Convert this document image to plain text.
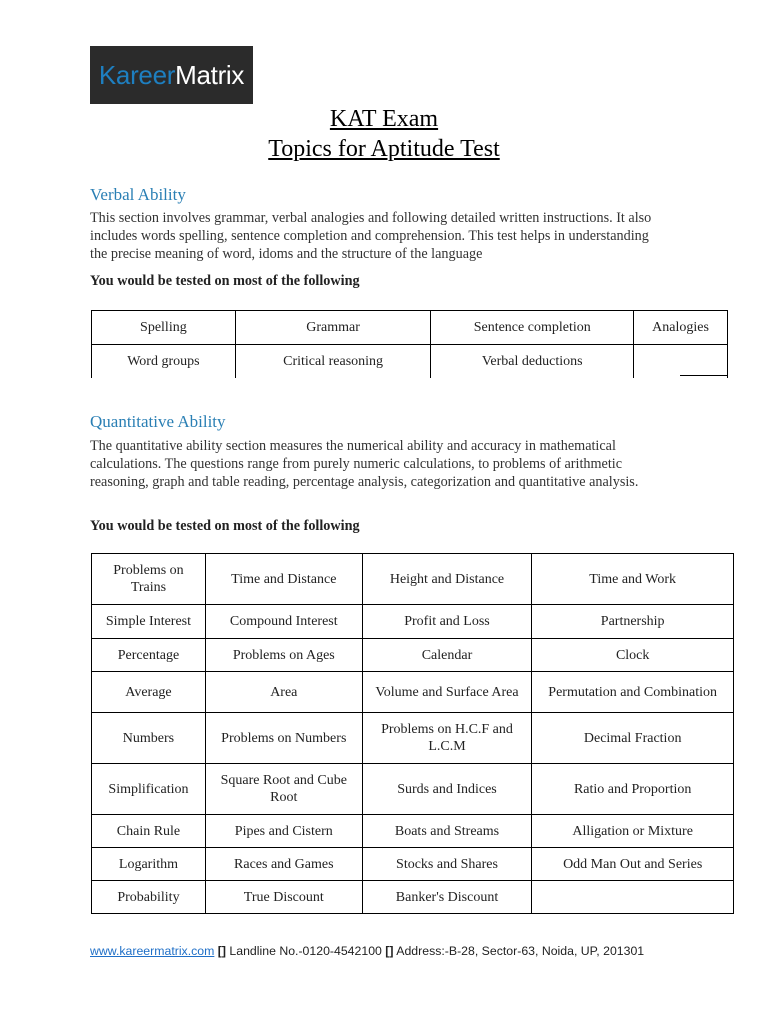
Kareer Matrix
KAT Exam
Topics for Aptitude Test
Verbal Ability
This section involves grammar, verbal analogies and following detailed written instructions. It also
includes words spelling, sentence completion and comprehension. This test helps in understanding
the precise meaning of word, idoms and the structure of the language
You would be tested on most of the following
Spelling	Grammar	Sentence completion	Analogies
Word groups	Critical reasoning	Verbal deductions	
Quantitative Ability
The quantitative ability section measures the numerical ability and accuracy in mathematical
calculations. The questions range from purely numeric calculations, to problems of arithmetic
reasoning, graph and table reading, percentage analysis, categorization and quantitative analysis.
You would be tested on most of the following
Problems on Trains	Time and Distance	Height and Distance	Time and Work
Simple Interest	Compound Interest	Profit and Loss	Partnership
Percentage	Problems on Ages	Calendar	Clock
Average	Area	Volume and Surface Area	Permutation and Combination
Numbers	Problems on Numbers	Problems on H.C.F and L.C.M	Decimal Fraction
Simplification	Square Root and Cube Root	Surds and Indices	Ratio and Proportion
Chain Rule	Pipes and Cistern	Boats and Streams	Alligation or Mixture
Logarithm	Races and Games	Stocks and Shares	Odd Man Out and Series
Probability	True Discount	Banker's Discount	
www.kareermatrix.com [] Landline No.-0120-4542100 [] Address:-B-28, Sector-63, Noida, UP, 201301
